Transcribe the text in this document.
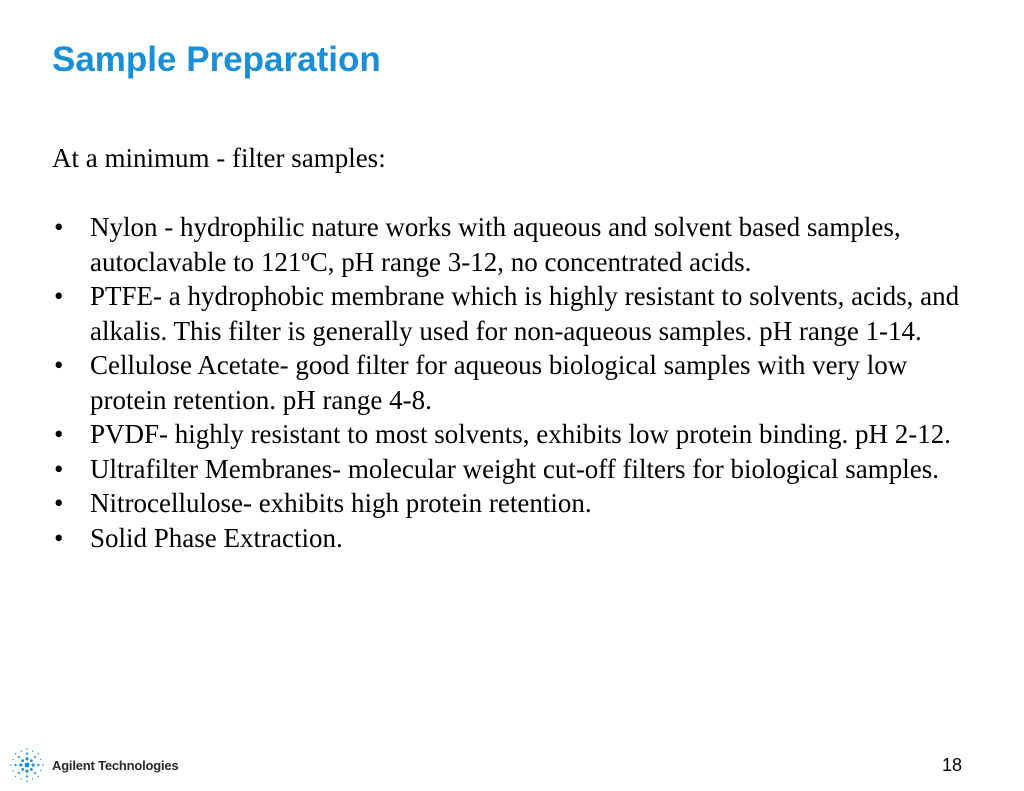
Sample Preparation

At a minimum - filter samples:

• Nylon - hydrophilic nature works with aqueous and solvent based samples, autoclavable to 121ºC, pH range 3-12, no concentrated acids.
• PTFE- a hydrophobic membrane which is highly resistant to solvents, acids, and alkalis. This filter is generally used for non-aqueous samples. pH range 1-14.
• Cellulose Acetate- good filter for aqueous biological samples with very low protein retention. pH range 4-8.
• PVDF- highly resistant to most solvents, exhibits low protein binding. pH 2-12.
• Ultrafilter Membranes- molecular weight cut-off filters for biological samples.
• Nitrocellulose- exhibits high protein retention.
• Solid Phase Extraction.
Agilent Technologies	18
